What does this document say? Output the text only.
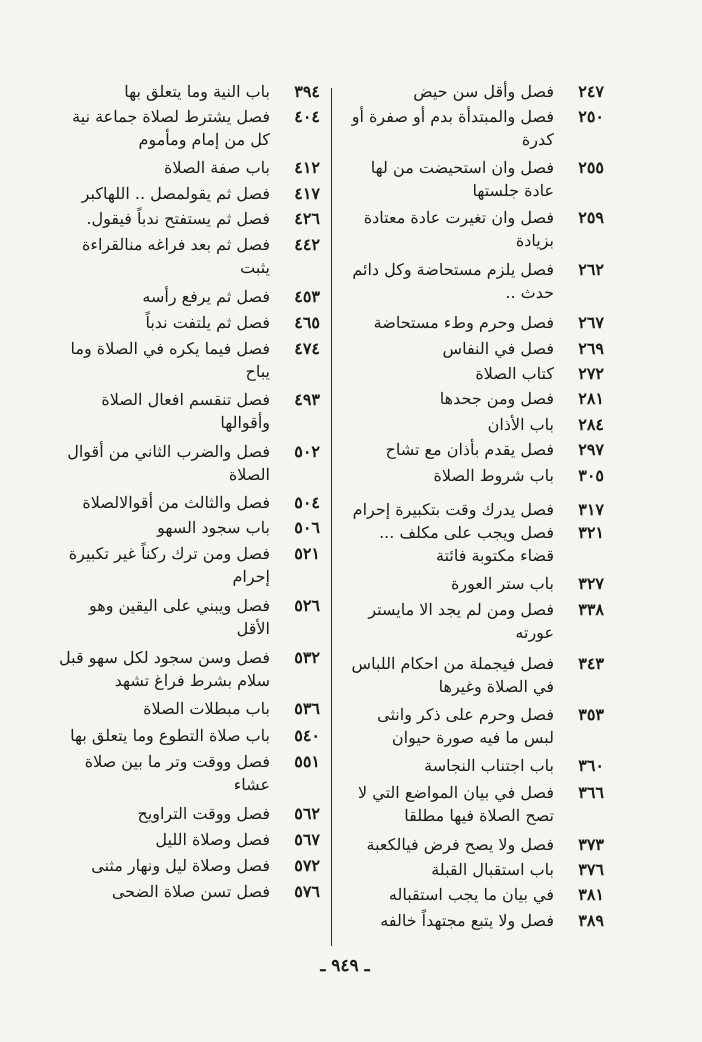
٢٤٧
فصل وأقل سن حيض
٢٥٠
فصل والمبتدأة بدم أو صفرة أو كدرة
٢٥٥
فصل وان استحيضت من لها عادة جلستها
٢٥٩
فصل وان تغيرت عادة معتادة بزيادة
٢٦٢
فصل يلزم مستحاضة وكل دائم حدث ..
٢٦٧
فصل وحرم وطء مستحاضة
٢٦٩
فصل في النفاس
٢٧٢
كتاب الصلاة
٢٨١
فصل ومن جحدها
٢٨٤
باب الأذان
٢٩٧
فصل يقدم بأذان مع تشاح
٣٠٥
باب شروط الصلاة
٣١٧
فصل يدرك وقت بتكبيرة إحرام
٣٢١
فصل ويجب على مكلف ... قضاء مكتوبة فائتة
٣٢٧
باب ستر العورة
٣٣٨
فصل ومن لم يجد الا مايستر عورته
٣٤٣
فصل فيجملة من احكام اللباس في الصلاة وغيرها
٣٥٣
فصل وحرم على ذكر وانثى لبس ما فيه صورة حيوان
٣٦٠
باب اجتناب النجاسة
٣٦٦
فصل في بيان المواضع التي لا تصح الصلاة فيها مطلقا
٣٧٣
فصل ولا يصح فرض فيالكعبة
٣٧٦
باب استقبال القبلة
٣٨١
في بيان ما يجب استقباله
٣٨٩
فصل ولا يتبع مجتهداً خالفه
٣٩٤
باب النية وما يتعلق بها
٤٠٤
فصل يشترط لصلاة جماعة نية كل من إمام ومأموم
٤١٢
باب صفة الصلاة
٤١٧
فصل ثم يقولمصل .. اللهاكبر
٤٢٦
فصل ثم يستفتح ندباً فيقول.
٤٤٢
فصل ثم بعد فراغه منالقراءة يثبت
٤٥٣
فصل ثم يرفع رأسه
٤٦٥
فصل ثم يلتفت ندباً
٤٧٤
فصل فيما يكره في الصلاة وما يباح
٤٩٣
فصل تنقسم افعال الصلاة وأقوالها
٥٠٢
فصل والضرب الثاني من أقوال الصلاة
٥٠٤
فصل والثالث من أقوالالصلاة
٥٠٦
باب سجود السهو
٥٢١
فصل ومن ترك ركناً غير تكبيرة إحرام
٥٢٦
فصل ويبني على اليقين وهو الأقل
٥٣٢
فصل وسن سجود لكل سهو قبل سلام بشرط فراغ تشهد
٥٣٦
باب مبطلات الصلاة
٥٤٠
باب صلاة التطوع وما يتعلق بها
٥٥١
فصل ووقت وتر ما بين صلاة عشاء
٥٦٢
فصل ووقت التراويح
٥٦٧
فصل وصلاة الليل
٥٧٢
فصل وصلاة ليل ونهار مثنى
٥٧٦
فصل تسن صلاة الضحى
ـ ٩٤٩ ـ
